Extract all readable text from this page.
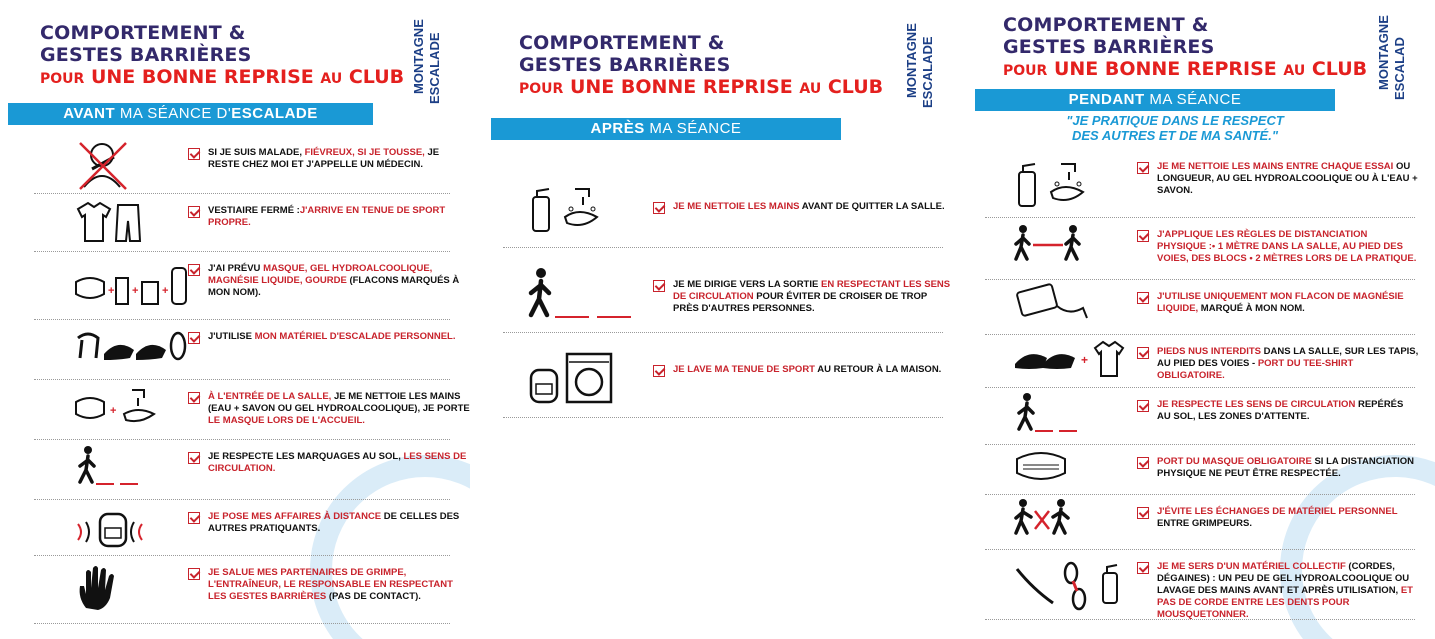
COMPORTEMENT &
GESTES BARRIÈRES
POUR UNE BONNE REPRISE AU CLUB MONTAGNE ESCALADE
AVANT MA SÉANCE D'ESCALADE
SI JE SUIS MALADE, FIÉVREUX, SI JE TOUSSE, JE RESTE CHEZ MOI ET J'APPELLE UN MÉDECIN.
VESTIAIRE FERMÉ :J'ARRIVE EN TENUE DE SPORT PROPRE.
+ + +
J'AI PRÉVU MASQUE, GEL HYDROALCOOLIQUE, MAGNÉSIE LIQUIDE, GOURDE (FLACONS MARQUÉS À MON NOM).
J'UTILISE MON MATÉRIEL D'ESCALADE PERSONNEL.
+
À L'ENTRÉE DE LA SALLE, JE ME NETTOIE LES MAINS (EAU + SAVON OU GEL HYDROALCOOLIQUE), JE PORTE LE MASQUE LORS DE L'ACCUEIL.
JE RESPECTE LES MARQUAGES AU SOL, LES SENS DE CIRCULATION.
JE POSE MES AFFAIRES À DISTANCE DE CELLES DES AUTRES PRATIQUANTS.
JE SALUE MES PARTENAIRES DE GRIMPE, L'ENTRAÎNEUR, LE RESPONSABLE EN RESPECTANT LES GESTES BARRIÈRES (PAS DE CONTACT).
COMPORTEMENT &
GESTES BARRIÈRES
POUR UNE BONNE REPRISE AU CLUB MONTAGNE ESCALADE
APRÈS MA SÉANCE
JE ME NETTOIE LES MAINS AVANT DE QUITTER LA SALLE.
JE ME DIRIGE VERS LA SORTIE EN RESPECTANT LES SENS DE CIRCULATION POUR ÉVITER DE CROISER DE TROP PRÈS D'AUTRES PERSONNES.
JE LAVE MA TENUE DE SPORT AU RETOUR À LA MAISON.
COMPORTEMENT &
GESTES BARRIÈRES
POUR UNE BONNE REPRISE AU CLUB MONTAGNE ESCALAD
PENDANT MA SÉANCE
"JE PRATIQUE DANS LE RESPECT
DES AUTRES ET DE MA SANTÉ."
JE ME NETTOIE LES MAINS ENTRE CHAQUE ESSAI OU LONGUEUR, AU GEL HYDROALCOOLIQUE OU À L'EAU + SAVON.
J'APPLIQUE LES RÈGLES DE DISTANCIATION PHYSIQUE :• 1 MÈTRE DANS LA SALLE, AU PIED DES VOIES, DES BLOCS • 2 MÈTRES LORS DE LA PRATIQUE.
J'UTILISE UNIQUEMENT MON FLACON DE MAGNÉSIE LIQUIDE, MARQUÉ À MON NOM.
+
PIEDS NUS INTERDITS DANS LA SALLE, SUR LES TAPIS, AU PIED DES VOIES - PORT DU TEE-SHIRT OBLIGATOIRE.
JE RESPECTE LES SENS DE CIRCULATION REPÉRÉS AU SOL, LES ZONES D'ATTENTE.
PORT DU MASQUE OBLIGATOIRE SI LA DISTANCIATION PHYSIQUE NE PEUT ÊTRE RESPECTÉE.
J'ÉVITE LES ÉCHANGES DE MATÉRIEL PERSONNEL ENTRE GRIMPEURS.
JE ME SERS D'UN MATÉRIEL COLLECTIF (CORDES, DÉGAINES) : UN PEU DE GEL HYDROALCOOLIQUE OU LAVAGE DES MAINS AVANT ET APRÈS UTILISATION, ET PAS DE CORDE ENTRE LES DENTS POUR MOUSQUETONNER.
